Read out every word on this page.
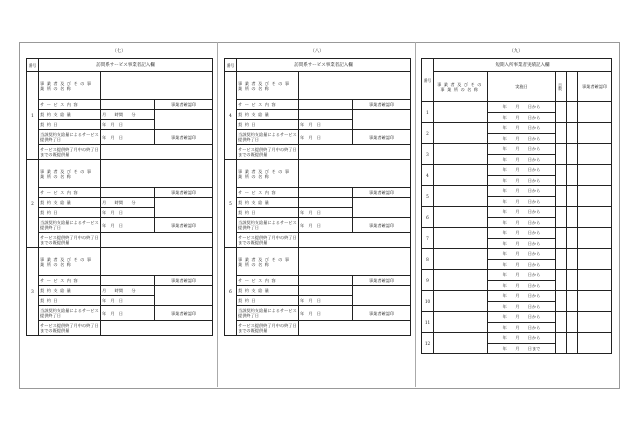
（七）
番号	訪問系サービス事業者記入欄		
1	事業者及びその事業所の名称		
	サービス内容		事業者確認印
	契約支給量	月　　時間　　分	
	契約日	年　月　日	
	当該契約支給量によるサービス提供終了日	年　月　日	事業者確認印
	サービス提供終了月中の終了日までの既提供量		
2	事業者及びその事業所の名称		
	サービス内容		事業者確認印
	契約支給量	月　　時間　　分	
	契約日	年　月　日	
	当該契約支給量によるサービス提供終了日	年　月　日	事業者確認印
	サービス提供終了月中の終了日までの既提供量		
3	事業者及びその事業所の名称		
	サービス内容		事業者確認印
	契約支給量	月　　時間　　分	
	契約日	年　月　日	
	当該契約支給量によるサービス提供終了日	年　月　日	事業者確認印
	サービス提供終了月中の終了日までの既提供量		
（八）
番号	訪問系サービス事業者記入欄		
4	事業者及びその事業所の名称		
	サービス内容		事業者確認印
	契約支給量		
	契約日	年　月　日	
	当該契約支給量によるサービス提供終了日	年　月　日	事業者確認印
	サービス提供終了月中の終了日までの既提供量		
5	事業者及びその事業所の名称		
	サービス内容		事業者確認印
	契約支給量		
	契約日	年　月　日	
	当該契約支給量によるサービス提供終了日	年　月　日	事業者確認印
	サービス提供終了月中の終了日までの既提供量		
6	事業者及びその事業所の名称		
	サービス内容		事業者確認印
	契約支給量		
	契約日	年　月　日	
	当該契約支給量によるサービス提供終了日	年　月　日	事業者確認印
	サービス提供終了月中の終了日までの既提供量		
（九）
番号	短期入所事業者実績記入欄				
	事業者及びその事業所の名称	実施日	日数		事業者確認印
1		年　　月　　日から			
		年　　月　　日から			
2		年　　月　　日から			
		年　　月　　日から			
3		年　　月　　日から			
		年　　月　　日から			
4		年　　月　　日から			
		年　　月　　日から			
5		年　　月　　日から			
		年　　月　　日から			
6		年　　月　　日から			
		年　　月　　日から			
7		年　　月　　日から			
		年　　月　　日から			
8		年　　月　　日から			
		年　　月　　日から			
9		年　　月　　日から			
		年　　月　　日から			
10		年　　月　　日から			
		年　　月　　日から			
11		年　　月　　日から			
		年　　月　　日から			
12		年　　月　　日から			
		年　　月　　日まで			
